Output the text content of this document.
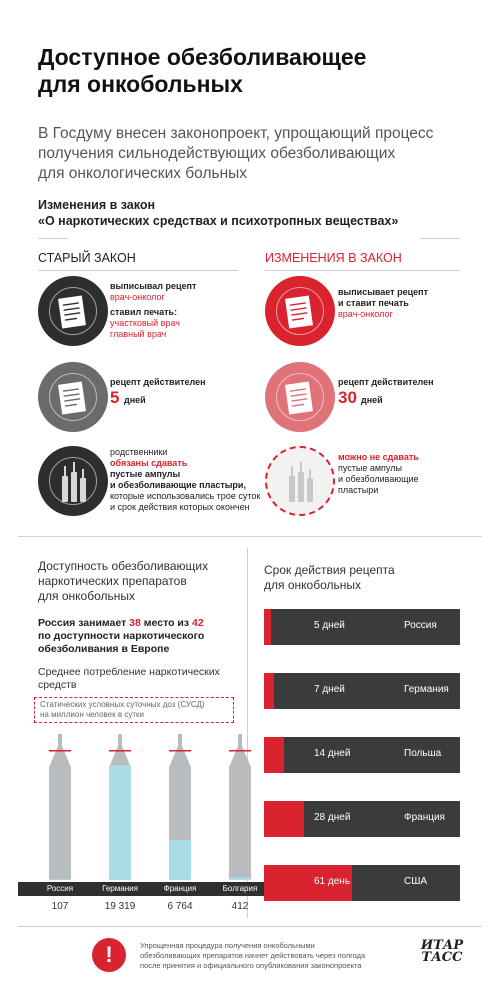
Доступное обезболивающее
для онкобольных
В Госдуму внесен законопроект, упрощающий процесс
получения сильнодействующих обезболивающих
для онкологических больных
Изменения в закон
«О наркотических средствах и психотропных веществах»
СТАРЫЙ ЗАКОН	ИЗМЕНЕНИЯ В ЗАКОН
выписывал рецепт
врач-онколог
ставил печать:
участковый врач
главный врач
рецепт действителен
5 дней
родственники
обязаны сдавать
пустые ампулы
и обезболивающие пластыри,
которые использовались трое суток
и срок действия которых окончен
выписывает рецепт
и ставит печать
врач-онколог
рецепт действителен
30 дней
можно не сдавать
пустые ампулы
и обезболивающие
пластыри
Доступность обезболивающих
наркотических препаратов
для онкобольных
Россия занимает 38 место из 42
по доступности наркотического
обезболивания в Европе
Среднее потребление наркотических
средств
Статических условных суточных доз (СУСД)
на миллион человек в сутки
Россия	Германия	Франция	Болгария
107	19 319	6 764	412
Срок действия рецепта
для онкобольных
5 дней	Россия
7 дней	Германия
14 дней	Польша
28 дней	Франция
61 день	США
!	Упрощенная процедура получения онкобольными
обезболивающих препаратов начнет действовать через полгода
после принятия и официального опубликования законопроекта
ИТАР
ТАСС
